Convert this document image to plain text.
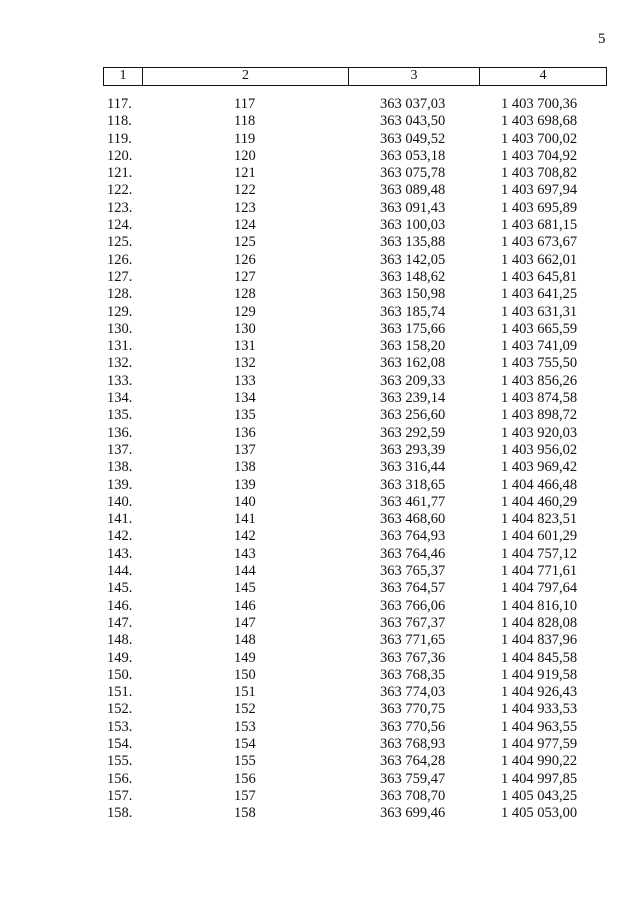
5
1	2	3	4
117.	117	363 037,03	1 403 700,36
118.	118	363 043,50	1 403 698,68
119.	119	363 049,52	1 403 700,02
120.	120	363 053,18	1 403 704,92
121.	121	363 075,78	1 403 708,82
122.	122	363 089,48	1 403 697,94
123.	123	363 091,43	1 403 695,89
124.	124	363 100,03	1 403 681,15
125.	125	363 135,88	1 403 673,67
126.	126	363 142,05	1 403 662,01
127.	127	363 148,62	1 403 645,81
128.	128	363 150,98	1 403 641,25
129.	129	363 185,74	1 403 631,31
130.	130	363 175,66	1 403 665,59
131.	131	363 158,20	1 403 741,09
132.	132	363 162,08	1 403 755,50
133.	133	363 209,33	1 403 856,26
134.	134	363 239,14	1 403 874,58
135.	135	363 256,60	1 403 898,72
136.	136	363 292,59	1 403 920,03
137.	137	363 293,39	1 403 956,02
138.	138	363 316,44	1 403 969,42
139.	139	363 318,65	1 404 466,48
140.	140	363 461,77	1 404 460,29
141.	141	363 468,60	1 404 823,51
142.	142	363 764,93	1 404 601,29
143.	143	363 764,46	1 404 757,12
144.	144	363 765,37	1 404 771,61
145.	145	363 764,57	1 404 797,64
146.	146	363 766,06	1 404 816,10
147.	147	363 767,37	1 404 828,08
148.	148	363 771,65	1 404 837,96
149.	149	363 767,36	1 404 845,58
150.	150	363 768,35	1 404 919,58
151.	151	363 774,03	1 404 926,43
152.	152	363 770,75	1 404 933,53
153.	153	363 770,56	1 404 963,55
154.	154	363 768,93	1 404 977,59
155.	155	363 764,28	1 404 990,22
156.	156	363 759,47	1 404 997,85
157.	157	363 708,70	1 405 043,25
158.	158	363 699,46	1 405 053,00
